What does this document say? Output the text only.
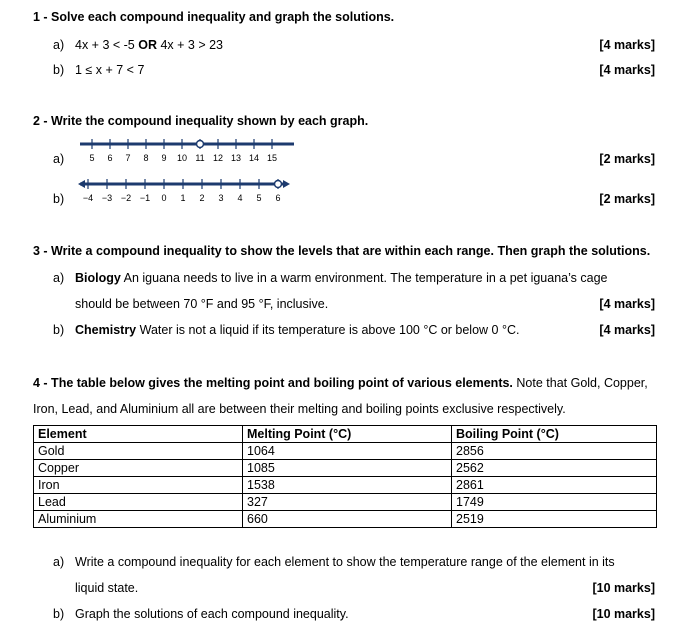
1 - Solve each compound inequality and graph the solutions.
a) 4x + 3 < -5 OR 4x + 3 > 23	[4 marks]
b) 1 ≤ x + 7 < 7	[4 marks]
2 - Write the compound inequality shown by each graph.
a)	5 6 7 8 9 10 11 12 13 14 15	[2 marks]
b) −4 −3 −2 −1 0 1 2 3 4 5 6	[2 marks]
3 - Write a compound inequality to show the levels that are within each range. Then graph the solutions.
a) Biology An iguana needs to live in a warm environment. The temperature in a pet iguana’s cage
should be between 70 °F and 95 °F, inclusive.	[4 marks]
b) Chemistry Water is not a liquid if its temperature is above 100 °C or below 0 °C.	[4 marks]
4 - The table below gives the melting point and boiling point of various elements. Note that Gold, Copper,
Iron, Lead, and Aluminium all are between their melting and boiling points exclusive respectively.
Element	Melting Point (°C)	Boiling Point (°C)
Gold	1064	2856
Copper	1085	2562
Iron	1538	2861
Lead	327	1749
Aluminium	660	2519
a) Write a compound inequality for each element to show the temperature range of the element in its
liquid state.	[10 marks]
b) Graph the solutions of each compound inequality.	[10 marks]
